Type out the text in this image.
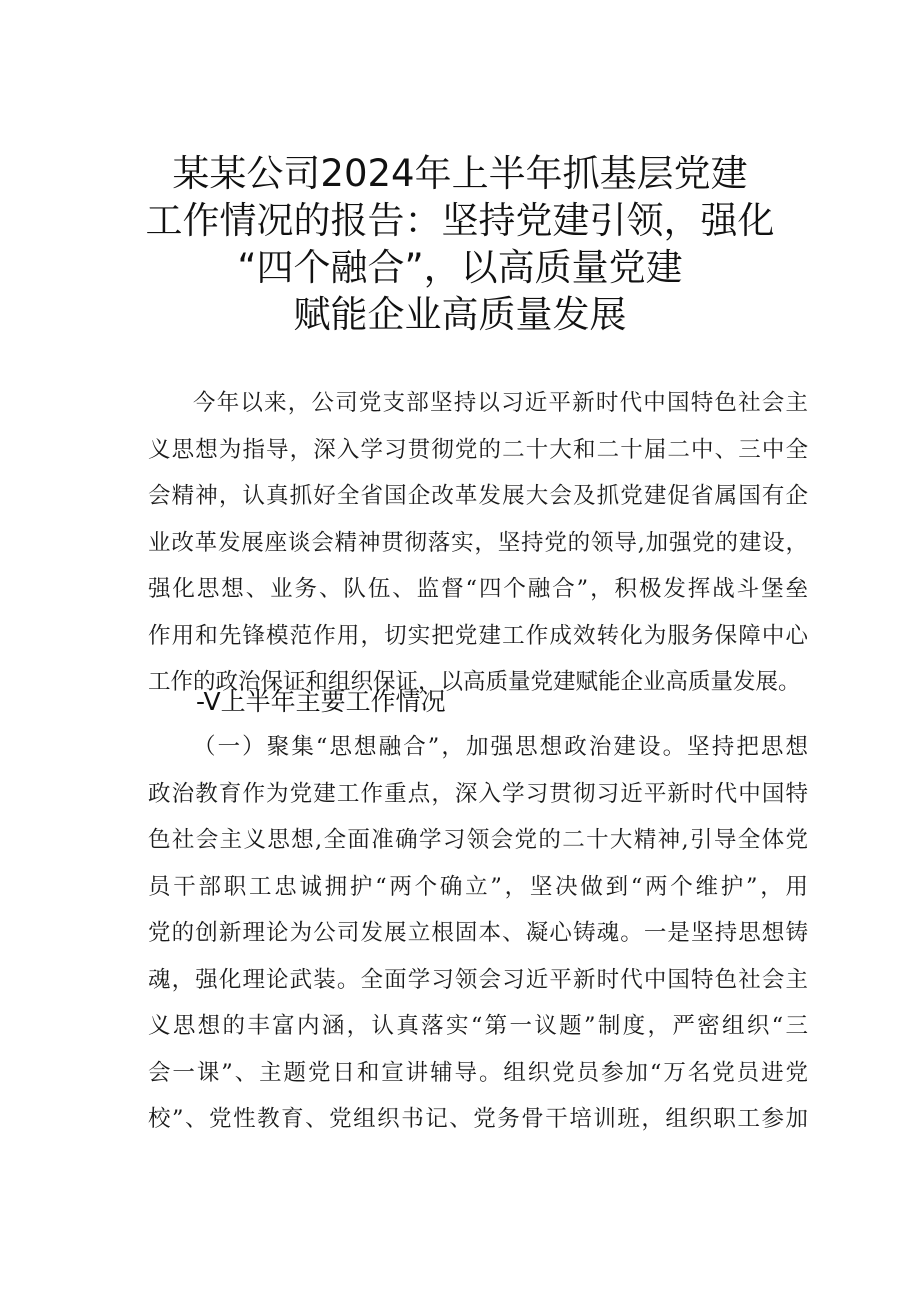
某某公司2024年上半年抓基层党建
工作情况的报告：坚持党建引领，强化
“四个融合”，以高质量党建
赋能企业高质量发展

今年以来，公司党支部坚持以习近平新时代中国特色社会主
义思想为指导，深入学习贯彻党的二十大和二十届二中、三中全
会精神，认真抓好全省国企改革发展大会及抓党建促省属国有企
业改革发展座谈会精神贯彻落实，坚持党的领导,加强党的建设，
强化思想、业务、队伍、监督“四个融合”，积极发挥战斗堡垒
作用和先锋模范作用，切实把党建工作成效转化为服务保障中心
工作的政治保证和组织保证，以高质量党建赋能企业高质量发展。

-V上半年主要工作情况

（一）聚集“思想融合”，加强思想政治建设。坚持把思想
政治教育作为党建工作重点，深入学习贯彻习近平新时代中国特
色社会主义思想,全面准确学习领会党的二十大精神,引导全体党
员干部职工忠诚拥护“两个确立”，坚决做到“两个维护”，用
党的创新理论为公司发展立根固本、凝心铸魂。一是坚持思想铸
魂，强化理论武装。全面学习领会习近平新时代中国特色社会主
义思想的丰富内涵，认真落实“第一议题”制度，严密组织“三
会一课”、主题党日和宣讲辅导。组织党员参加“万名党员进党
校”、党性教育、党组织书记、党务骨干培训班，组织职工参加
